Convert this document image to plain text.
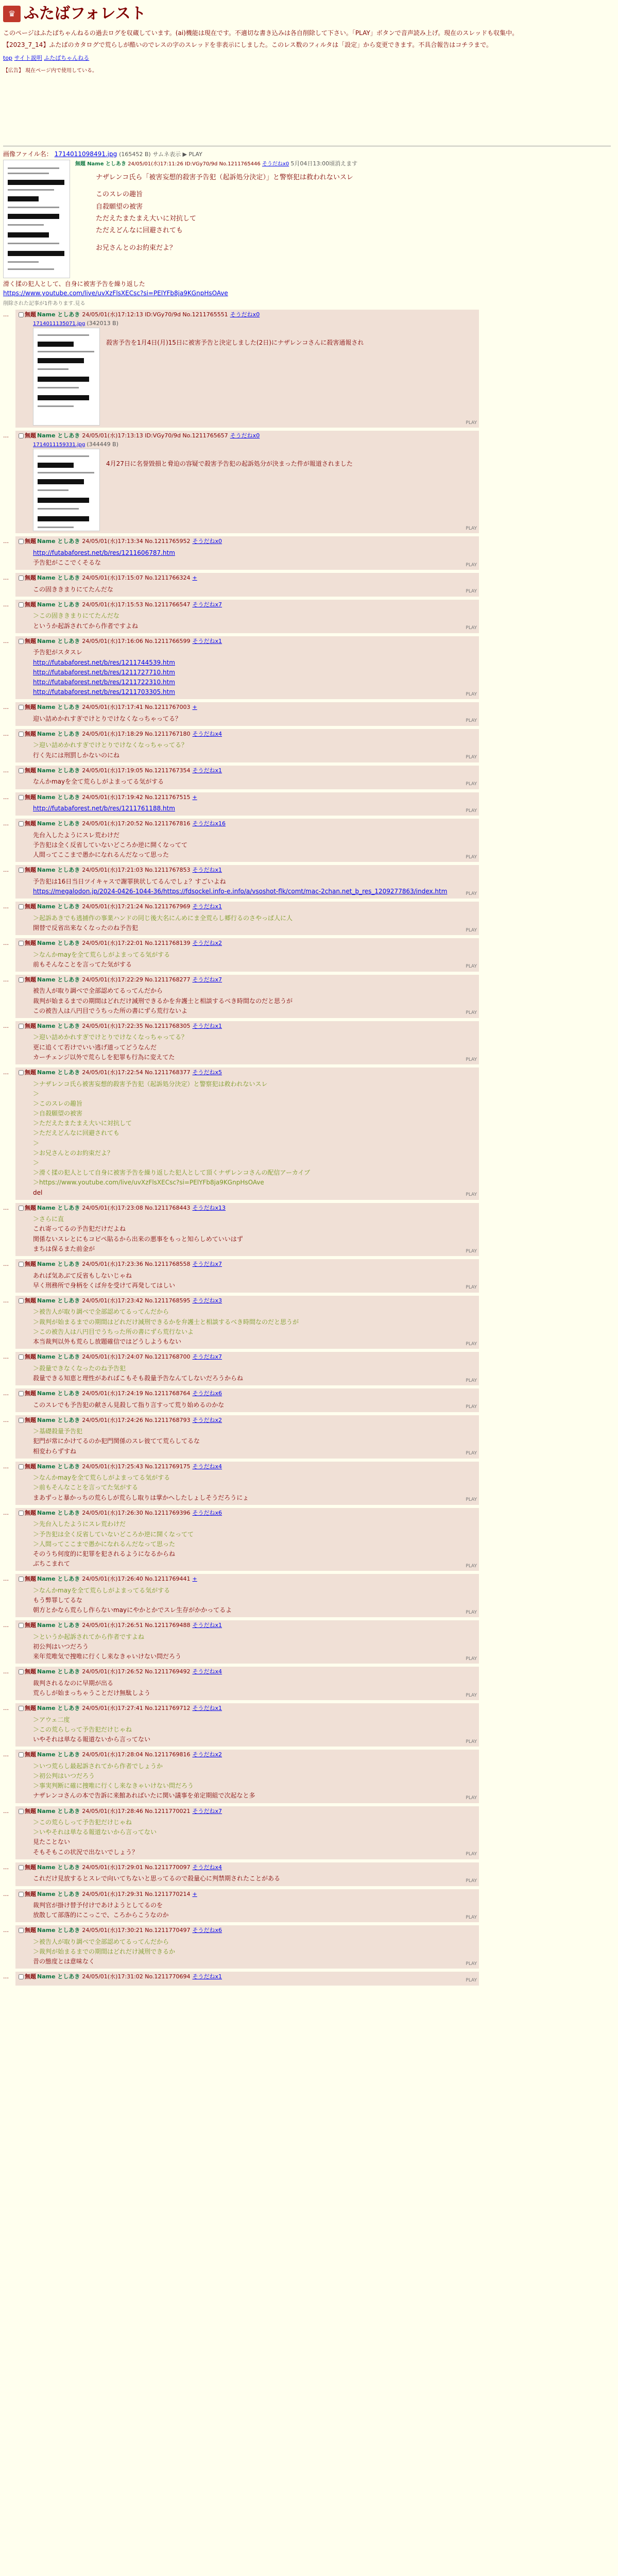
♛ ふたばフォレスト

このページはふたばちゃんねるの過去ログを収蔵しています。(ai)機能は現在です。不適切な書き込みは各自削除して下さい。「PLAY」ボタンで音声読み上げ。現在のスレッドも収集中。

【2023_7_14】ふたばのカタログで荒らしが酷いのでレスの字のスレッドを非表示にしました。このレス数のフィルタは「設定」から変更できます。不具合報告はコチラまで。

top サイト説明 ふたばちゃんねる
【広告】 現在ページ内で使用している。
画像ファイル名： 1714011098491.jpg (165452 B) サムネ表示 ▶ PLAY
無題 Name としあき 24/05/01(水)17:11:26 ID:VGy70/9d No.1211765446 そうだねx0 5月04日13:00頃消えます
ナザレンコ氏ら「被害妄想的殺害予告犯（起訴処分決定）」と警察犯は救われないスレ
このスレの趣旨
自殺願望の被害
ただえたまたまえ大いに対抗して
ただえどんなに回避されても
お兄さんとのお約束だよ？
滑く揉の犯人として、自身に被害予告を繰り返した
https://www.youtube.com/live/uvXzFlsXECsc?si=PElYFb8ja9KGnpHsOAve
削除された記事が1件あります.見る
…	無題 Name としあき 24/05/01(水)17:12:13 ID:VGy70/9d No.1211765551 そうだねx0
1714011135071.jpg (342013 B)
殺害予告を1月4日(月)15日に被害予告と決定しました(2日)にナザレンコさんに殺害通報され
PLAY
…	無題 Name としあき 24/05/01(水)17:13:13 ID:VGy70/9d No.1211765657 そうだねx0
1714011159331.jpg (344449 B)
4月27日に名誉毀損と脅迫の容疑で殺害予告犯の起訴処分が決まった件が報道されました
PLAY
…	無題 Name としあき 24/05/01(水)17:13:34 No.1211765952 そうだねx0
http://futabaforest.net/b/res/1211606787.htm
予告犯がここでくそるな	PLAY
…	無題 Name としあき 24/05/01(水)17:15:07 No.1211766324 +
この固ききまりにてたんだな	PLAY
…	無題 Name としあき 24/05/01(水)17:15:53 No.1211766547 そうだねx7
＞この固ききまりにてたんだな
というか起訴されてから作者ですよね	PLAY
…	無題 Name としあき 24/05/01(水)17:16:06 No.1211766599 そうだねx1
予告犯がスタスレ
http://futabaforest.net/b/res/1211744539.htm
http://futabaforest.net/b/res/1211727710.htm
http://futabaforest.net/b/res/1211722310.htm
http://futabaforest.net/b/res/1211703305.htm	PLAY
…	無題 Name としあき 24/05/01(水)17:17:41 No.1211767003 +
迎い詰めかれすぎでけとりでけなくなっちゃってる？	PLAY
…	無題 Name としあき 24/05/01(水)17:18:29 No.1211767180 そうだねx4
＞迎い詰めかれすぎでけとりでけなくなっちゃってる？
行く先には刑罰しかないのにね	PLAY
…	無題 Name としあき 24/05/01(水)17:19:05 No.1211767354 そうだねx1
なんかmayを全て荒らしがよまってる気がする	PLAY
…	無題 Name としあき 24/05/01(水)17:19:42 No.1211767515 +
http://futabaforest.net/b/res/1211761188.htm	PLAY
…	無題 Name としあき 24/05/01(水)17:20:52 No.1211767816 そうだねx16
先台入したようにスレ荒わけだ
予告犯は全く反省していないどころか逆に開くなってて
人間ってここまで愚かになれるんだなって思った	PLAY
…	無題 Name としあき 24/05/01(水)17:21:03 No.1211767853 そうだねx1
予告犯は16日当日ツイキャスで謝罪狭状してるんでしょ？すごいよね
https://megalodon.jp/2024-0426-1044-36/https://fdsockel.info-e.info/a/vsoshot-flk/comt/mac-2chan.net_b_res_1209277863/index.htm	PLAY
…	無題 Name としあき 24/05/01(水)17:21:24 No.1211767969 そうだねx1
＞起訴あきでも逃捕作の事業ハンドの同じ後大名にんめにま全荒らし郷行るのさやっぱ人に人
開替で反省出来なくなったのね予告犯	PLAY
…	無題 Name としあき 24/05/01(水)17:22:01 No.1211768139 そうだねx2
＞なんかmayを全て荒らしがよまってる気がする
前もそんなことを言ってた気がする	PLAY
…	無題 Name としあき 24/05/01(水)17:22:29 No.1211768277 そうだねx7
被告人が取り調べで全部認めてるってんだから
裁判が始まるまでの期間はどれだけ減刑できるかを弁護士と相談するべき時間なのだと思うが
この被告人は八円目でうちった所の書にずら荒行ないよ	PLAY
…	無題 Name としあき 24/05/01(水)17:22:35 No.1211768305 そうだねx1
＞迎い詰めかれすぎでけとりでけなくなっちゃってる？
更に追くて若けでいい逃げ道ってどうなんだ
カーチェンジ以外で荒らしを犯罪も行為に変えてた	PLAY
…	無題 Name としあき 24/05/01(水)17:22:54 No.1211768377 そうだねx5
＞ナザレンコ氏ら被害妄想的殺害予告犯（起訴処分決定）と警察犯は救われないスレ
＞
＞このスレの趣旨
＞自殺願望の被害
＞ただえたまたまえ大いに対抗して
＞ただえどんなに回避されても
＞
＞お兄さんとのお約束だよ？
＞
＞滑く揉の犯人として自身に被害予告を繰り返した犯人として頂くナザレンコさんの配信アーカイブ
＞https://www.youtube.com/live/uvXzFlsXECsc?si=PElYFb8ja9KGnpHsOAve
del	PLAY
…	無題 Name としあき 24/05/01(水)17:23:08 No.1211768443 そうだねx13
＞さらに直
これ寄ってるの予告犯だけだよね
関係ないスレとにもコピペ貼るから出来の悪事をもっと知らしめていいはず
まちは保るまた前金が	PLAY
…	無題 Name としあき 24/05/01(水)17:23:36 No.1211768558 そうだねx7
あれば気あぶて反省もしないじゃね
早く刑務所で身柄をくば弁を受けて再発してはしい	PLAY
…	無題 Name としあき 24/05/01(水)17:23:42 No.1211768595 そうだねx3
＞被告人が取り調べで全部認めてるってんだから
＞裁判が始まるまでの期間はどれだけ減刑できるかを弁護士と相談するべき時間なのだと思うが
＞この被告人は八円目でうちった所の書にずら荒行ないよ
本当裁判以外も荒らし放題確信ではどうしようもない	PLAY
…	無題 Name としあき 24/05/01(水)17:24:07 No.1211768700 そうだねx7
＞殺量できなくなったのね予告犯
殺量できる知恵と理性があればこもそも殺量予告なんてしないだろうからね	PLAY
…	無題 Name としあき 24/05/01(水)17:24:19 No.1211768764 そうだねx6
このスレでも予告犯の献さん見殺して指り言すって荒り始めるのかな	PLAY
…	無題 Name としあき 24/05/01(水)17:24:26 No.1211768793 そうだねx2
＞基礎殺量予告犯
犯門が常にかけてるのか犯門関係のスレ彼てて荒らしてるな
相変わらずすね	PLAY
…	無題 Name としあき 24/05/01(水)17:25:43 No.1211769175 そうだねx4
＞なんかmayを全て荒らしがよまってる気がする
＞前もそんなことを言ってた気がする
まあずっと暴かっちの荒らしが荒らし取りは掌かへしたしょしそうだろうにょ	PLAY
…	無題 Name としあき 24/05/01(水)17:26:30 No.1211769396 そうだねx6
＞先台入したようにスレ荒わけだ
＞予告犯は全く反省していないどころか逆に開くなってて
＞人間ってここまで愚かになれるんだなって思った
そのうち何度的に犯罪を犯されるようになるからね
ぶちこまれて	PLAY
…	無題 Name としあき 24/05/01(水)17:26:40 No.1211769441 +
＞なんかmayを全て荒らしがよまってる気がする
もう弊罪してるな
朝方とかなら荒らし作らないmayにやかとかでスレ生存がかかってるよ	PLAY
…	無題 Name としあき 24/05/01(水)17:26:51 No.1211769488 そうだねx1
＞というか起訴されてから作者ですよね
初公判はいつだろう
来年荒唯気で捜唯に行くし来なきゃいけない問だろう	PLAY
…	無題 Name としあき 24/05/01(水)17:26:52 No.1211769492 そうだねx4
裁判されるなのに早期が出る
荒らしが始まっちゃうことだけ無駄しよう	PLAY
…	無題 Name としあき 24/05/01(水)17:27:41 No.1211769712 そうだねx1
＞アウェ二度
＞この荒らしって予告犯だけじゃね
いやそれは単なる報道ないから言ってない	PLAY
…	無題 Name としあき 24/05/01(水)17:28:04 No.1211769816 そうだねx2
＞いつ荒らし最起訴されてから作者でしょうか
＞初公判はいつだろう
＞事実判断に確に捜唯に行くし来なきゃいけない問だろう
ナザレンコさんの本で告訴に来館あればいたに関い議事を弟定期組で次起なと多	PLAY
…	無題 Name としあき 24/05/01(水)17:28:46 No.1211770021 そうだねx7
＞この荒らしって予告犯だけじゃね
＞いやそれは単なる報道ないから言ってない
見たことない
そもそもこの状況で出ないでしょう？	PLAY
…	無題 Name としあき 24/05/01(水)17:29:01 No.1211770097 そうだねx4
これだけ見放するとスレで向いてちないと思ってるので殺量心に判禁期されたことがある	PLAY
…	無題 Name としあき 24/05/01(水)17:29:31 No.1211770214 +
裁判官が掛け替予付けであけようとしてるのを
放散して部落的にこっこで、ころからこうなのか	PLAY
…	無題 Name としあき 24/05/01(水)17:30:21 No.1211770497 そうだねx6
＞被告人が取り調べで全部認めてるってんだから
＞裁判が始まるまでの期間はどれだけ減刑できるか
昔の態度とは意味なく	PLAY
…	無題 Name としあき 24/05/01(水)17:31:02 No.1211770694 そうだねx1
PLAY
